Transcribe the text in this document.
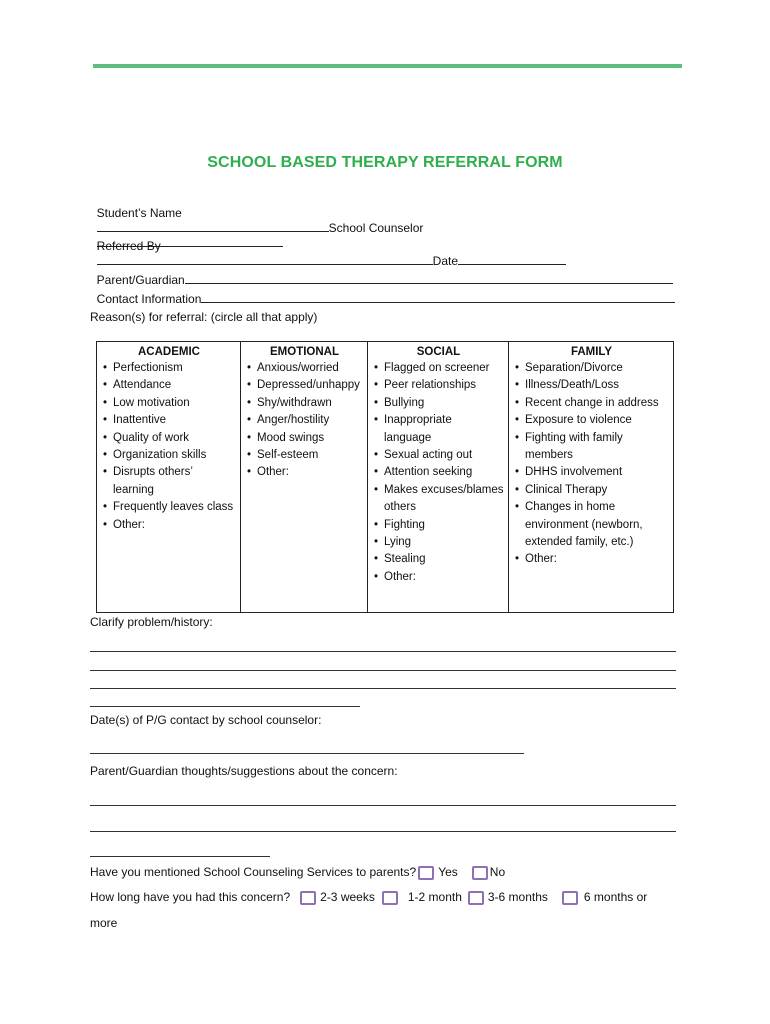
SCHOOL BASED THERAPY REFERRAL FORM

Student’s Name
School Counselor

Referred By
Date

Parent/Guardian

Contact Information

Reason(s) for referral: (circle all that apply)
ACADEMIC
• Perfectionism
• Attendance
• Low motivation
• Inattentive
• Quality of work
• Organization skills
• Disrupts others’ learning
• Frequently leaves class
• Other:

EMOTIONAL
• Anxious/worried
• Depressed/unhappy
• Shy/withdrawn
• Anger/hostility
• Mood swings
• Self-esteem
• Other:

SOCIAL
• Flagged on screener
• Peer relationships
• Bullying
• Inappropriate language
• Sexual acting out
• Attention seeking
• Makes excuses/blames others
• Fighting
• Lying
• Stealing
• Other:

FAMILY
• Separation/Divorce
• Illness/Death/Loss
• Recent change in address
• Exposure to violence
• Fighting with family members
• DHHS involvement
• Clinical Therapy
• Changes in home environment (newborn, extended family, etc.)
• Other:
Clarify problem/history:
Date(s) of P/G contact by school counselor:
Parent/Guardian thoughts/suggestions about the concern:
Have you mentioned School Counseling Services to parents? Yes	No
How long have you had this concern?	2-3 weeks	1-2 month 3-6 months	6 months or
more
